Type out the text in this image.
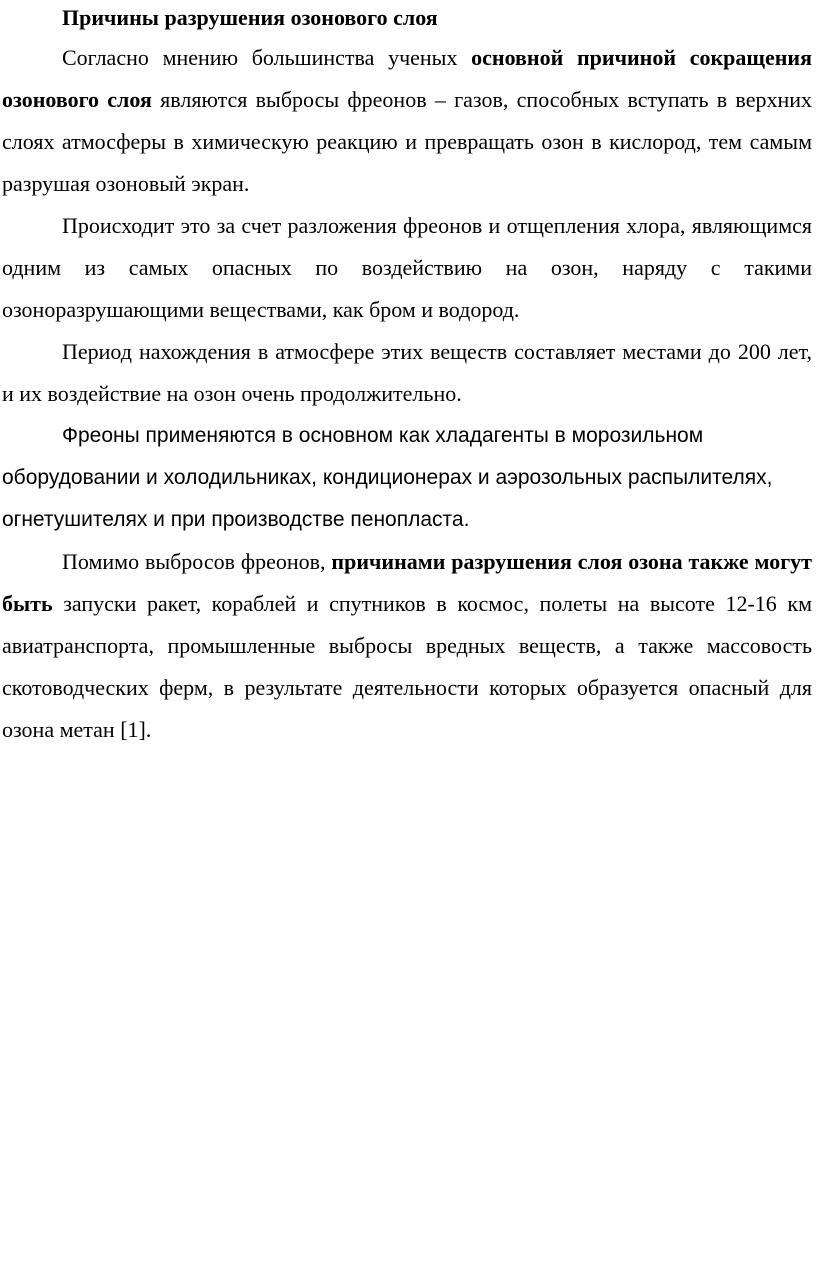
Причины разрушения озонового слоя

Согласно мнению большинства ученых основной причиной сокращения озонового слоя являются выбросы фреонов – газов, способных вступать в верхних слоях атмосферы в химическую реакцию и превращать озон в кислород, тем самым разрушая озоновый экран.

Происходит это за счет разложения фреонов и отщепления хлора, являющимся одним из самых опасных по воздействию на озон, наряду с такими озоноразрушающими веществами, как бром и водород.

Период нахождения в атмосфере этих веществ составляет местами до 200 лет, и их воздействие на озон очень продолжительно.

Фреоны применяются в основном как хладагенты в морозильном оборудовании и холодильниках, кондиционерах и аэрозольных распылителях, огнетушителях и при производстве пенопласта.

Помимо выбросов фреонов, причинами разрушения слоя озона также могут быть запуски ракет, кораблей и спутников в космос, полеты на высоте 12-16 км авиатранспорта, промышленные выбросы вредных веществ, а также массовость скотоводческих ферм, в результате деятельности которых образуется опасный для озона метан [1].
